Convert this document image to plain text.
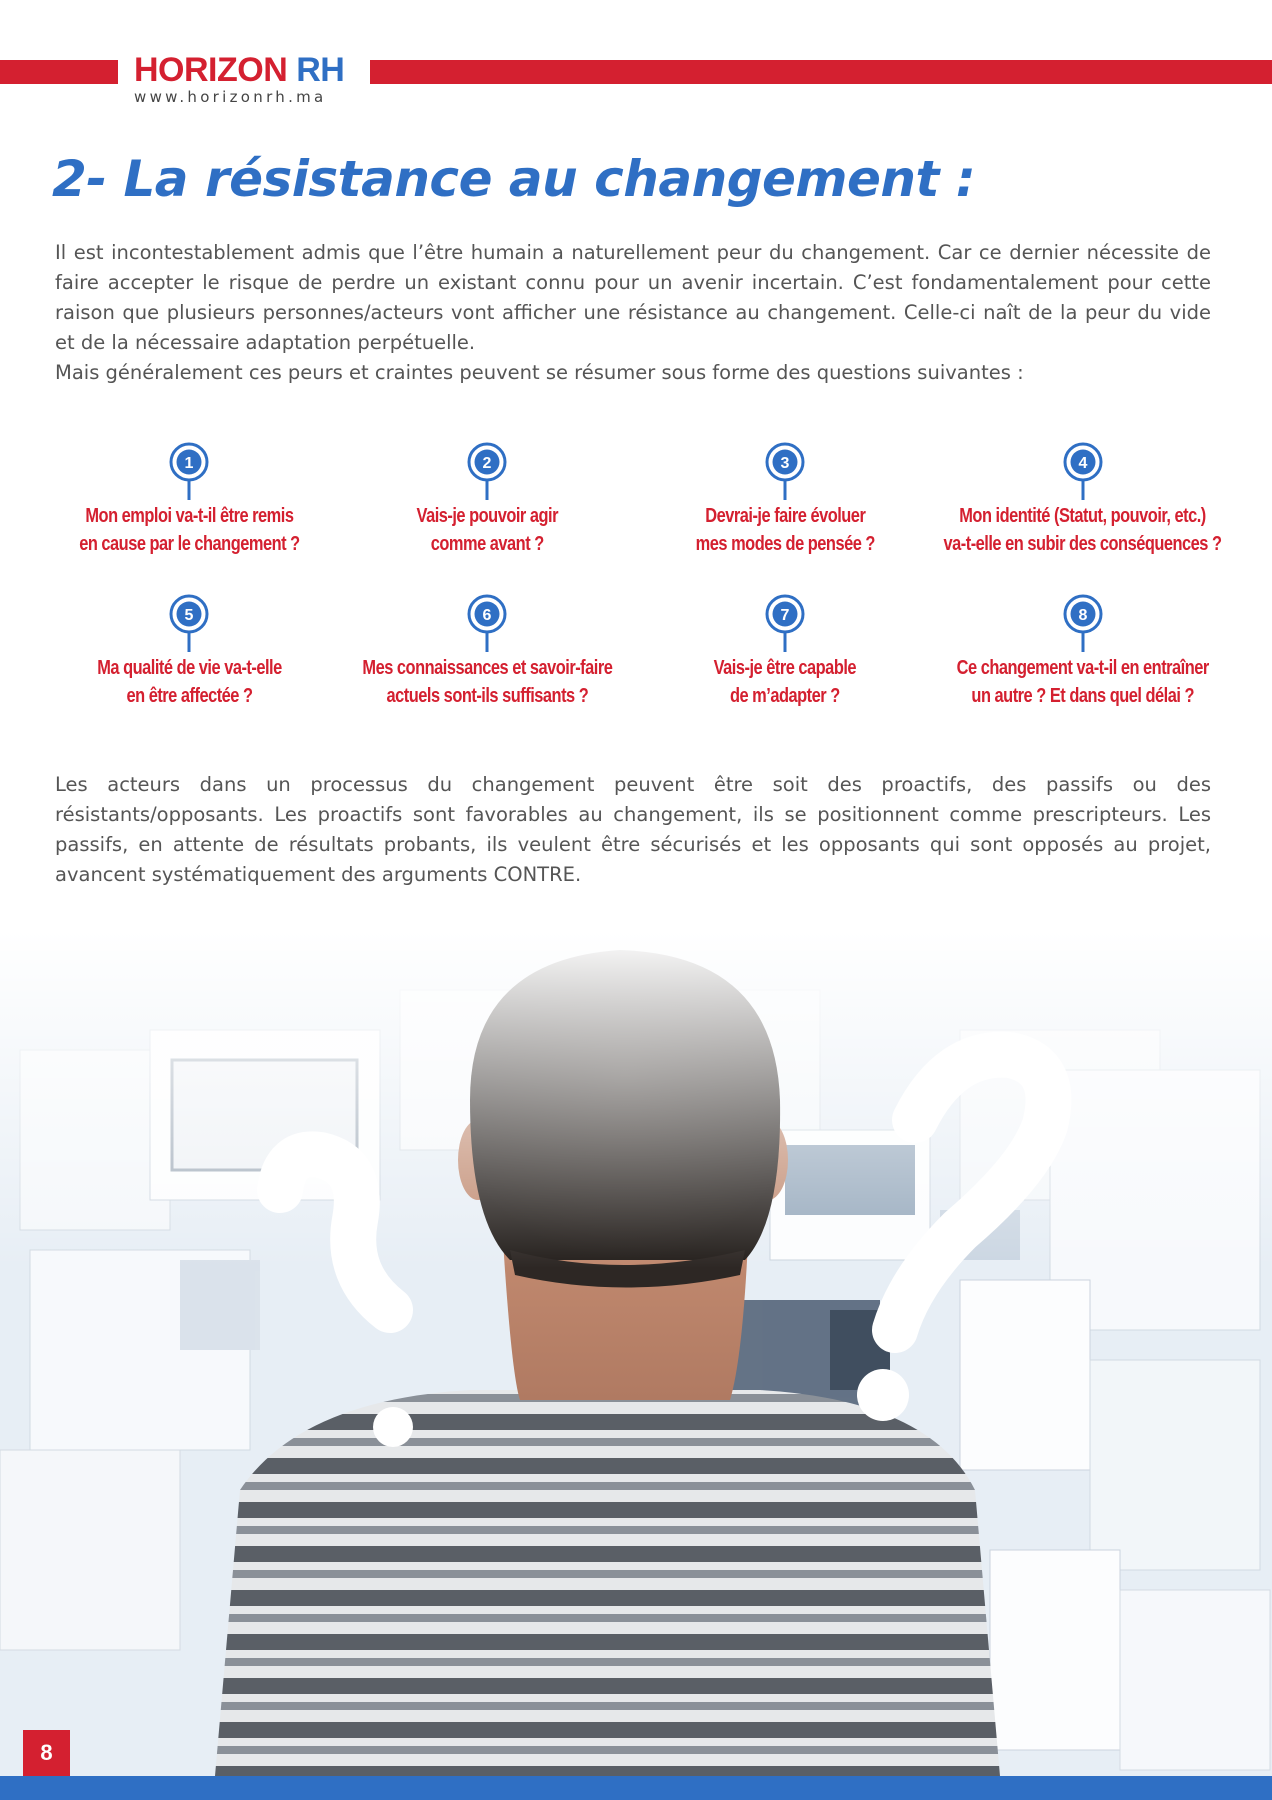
HORIZON RH
www.horizonrh.ma
2- La résistance au changement :

Il est incontestablement admis que l’être humain a naturellement peur du changement. Car ce dernier nécessite de faire accepter le risque de perdre un existant connu pour un avenir incertain. C’est fondamentalement pour cette raison que plusieurs personnes/acteurs vont afficher une résistance au changement. Celle-ci naît de la peur du vide et de la nécessaire adaptation perpétuelle.

Mais généralement ces peurs et craintes peuvent se résumer sous forme des questions suivantes :

1
Mon emploi va-t-il être remis
en cause par le changement ?
2
Vais-je pouvoir agir
comme avant ?
3
Devrai-je faire évoluer
mes modes de pensée ?
4
Mon identité (Statut, pouvoir, etc.)
va-t-elle en subir des conséquences ?
5
Ma qualité de vie va-t-elle
en être affectée ?
6
Mes connaissances et savoir-faire
actuels sont-ils suffisants ?
7
Vais-je être capable
de m’adapter ?
8
Ce changement va-t-il en entraîner
un autre ? Et dans quel délai ?
Les acteurs dans un processus du changement peuvent être soit des proactifs, des passifs ou des résistants/opposants. Les proactifs sont favorables au changement, ils se positionnent comme prescripteurs. Les passifs, en attente de résultats probants, ils veulent être sécurisés et les opposants qui sont opposés au projet, avancent systématiquement des arguments CONTRE.
8
